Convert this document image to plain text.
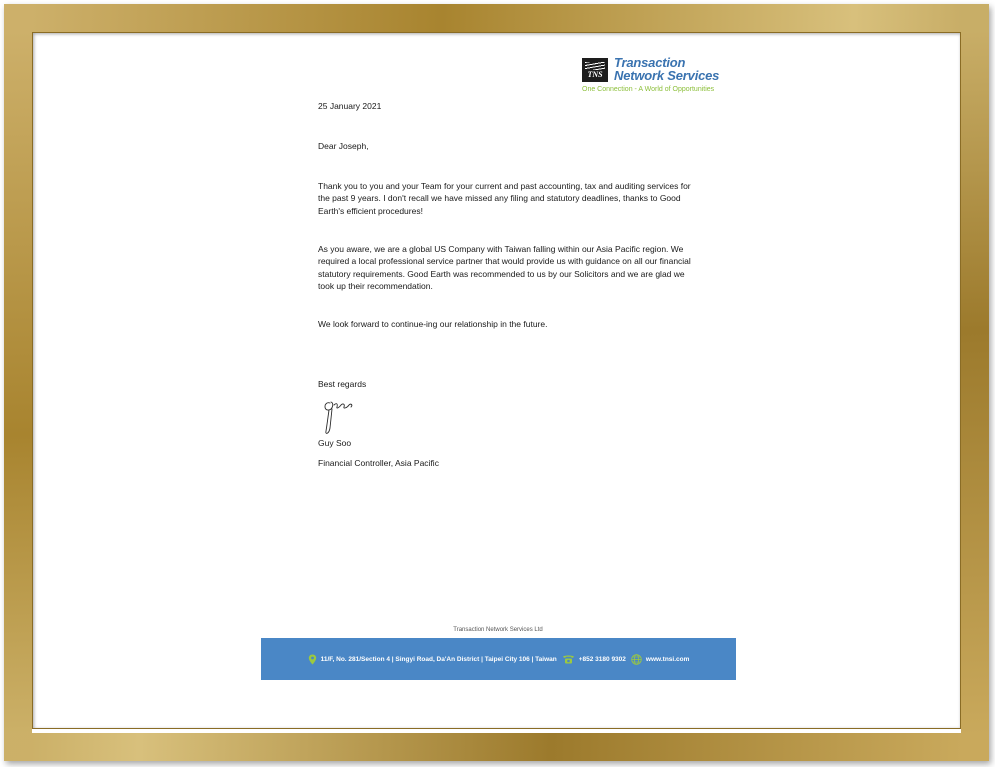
TNS
Transaction
Network Services
One Connection - A World of Opportunities
25 January 2021
Dear Joseph,
Thank you to you and your Team for your current and past accounting, tax and auditing services for the past 9 years. I don't recall we have missed any filing and statutory deadlines, thanks to Good Earth's efficient procedures!
As you aware, we are a global US Company with Taiwan falling within our Asia Pacific region. We required a local professional service partner that would provide us with guidance on all our financial statutory requirements. Good Earth was recommended to us by our Solicitors and we are glad we took up their recommendation.
We look forward to continue-ing our relationship in the future.
Best regards
Guy Soo
Financial Controller, Asia Pacific
Transaction Network Services Ltd
11/F, No. 281/Section 4 | Singyi Road, Da'An District | Taipei City 106 | Taiwan	+852 3180 9302	www.tnsi.com
